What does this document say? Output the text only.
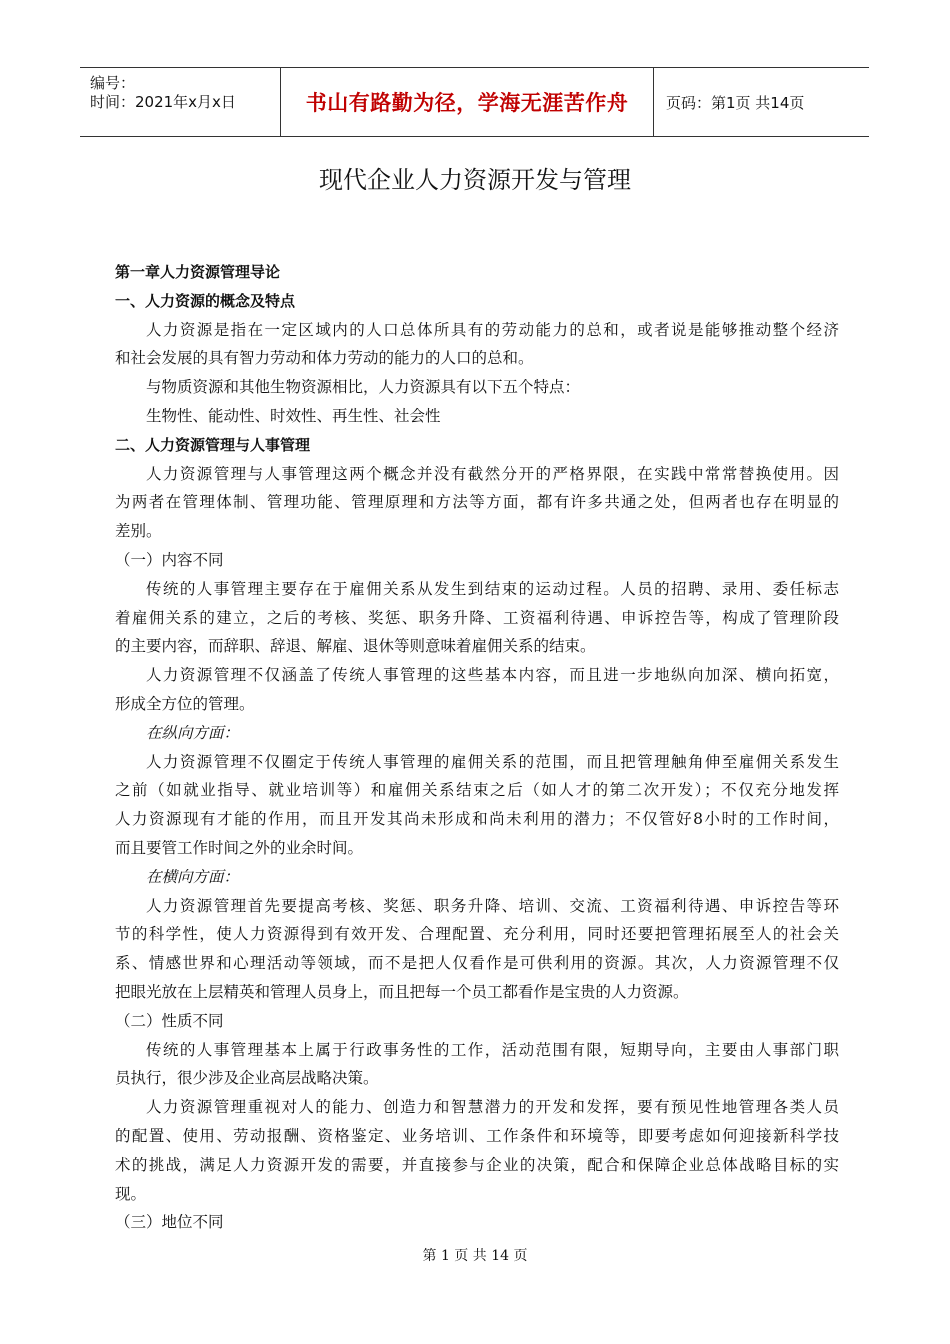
编号：
时间：2021年x月x日	书山有路勤为径，学海无涯苦作舟	页码：第1页 共14页
现代企业人力资源开发与管理
第一章人力资源管理导论
一、人力资源的概念及特点
人力资源是指在一定区域内的人口总体所具有的劳动能力的总和，或者说是能够推动整个经济
和社会发展的具有智力劳动和体力劳动的能力的人口的总和。
与物质资源和其他生物资源相比，人力资源具有以下五个特点：
生物性、能动性、时效性、再生性、社会性
二、人力资源管理与人事管理
人力资源管理与人事管理这两个概念并没有截然分开的严格界限，在实践中常常替换使用。因
为两者在管理体制、管理功能、管理原理和方法等方面，都有许多共通之处，但两者也存在明显的
差别。
（一）内容不同
传统的人事管理主要存在于雇佣关系从发生到结束的运动过程。人员的招聘、录用、委任标志
着雇佣关系的建立，之后的考核、奖惩、职务升降、工资福利待遇、申诉控告等，构成了管理阶段
的主要内容，而辞职、辞退、解雇、退休等则意味着雇佣关系的结束。
人力资源管理不仅涵盖了传统人事管理的这些基本内容，而且进一步地纵向加深、横向拓宽，
形成全方位的管理。
在纵向方面：
人力资源管理不仅圈定于传统人事管理的雇佣关系的范围，而且把管理触角伸至雇佣关系发生
之前（如就业指导、就业培训等）和雇佣关系结束之后（如人才的第二次开发）；不仅充分地发挥
人力资源现有才能的作用，而且开发其尚未形成和尚未利用的潜力；不仅管好8小时的工作时间，
而且要管工作时间之外的业余时间。
在横向方面：
人力资源管理首先要提高考核、奖惩、职务升降、培训、交流、工资福利待遇、申诉控告等环
节的科学性，使人力资源得到有效开发、合理配置、充分利用，同时还要把管理拓展至人的社会关
系、情感世界和心理活动等领域，而不是把人仅看作是可供利用的资源。其次，人力资源管理不仅
把眼光放在上层精英和管理人员身上，而且把每一个员工都看作是宝贵的人力资源。
（二）性质不同
传统的人事管理基本上属于行政事务性的工作，活动范围有限，短期导向，主要由人事部门职
员执行，很少涉及企业高层战略决策。
人力资源管理重视对人的能力、创造力和智慧潜力的开发和发挥，要有预见性地管理各类人员
的配置、使用、劳动报酬、资格鉴定、业务培训、工作条件和环境等，即要考虑如何迎接新科学技
术的挑战，满足人力资源开发的需要，并直接参与企业的决策，配合和保障企业总体战略目标的实
现。
（三）地位不同
第 1 页 共 14 页
